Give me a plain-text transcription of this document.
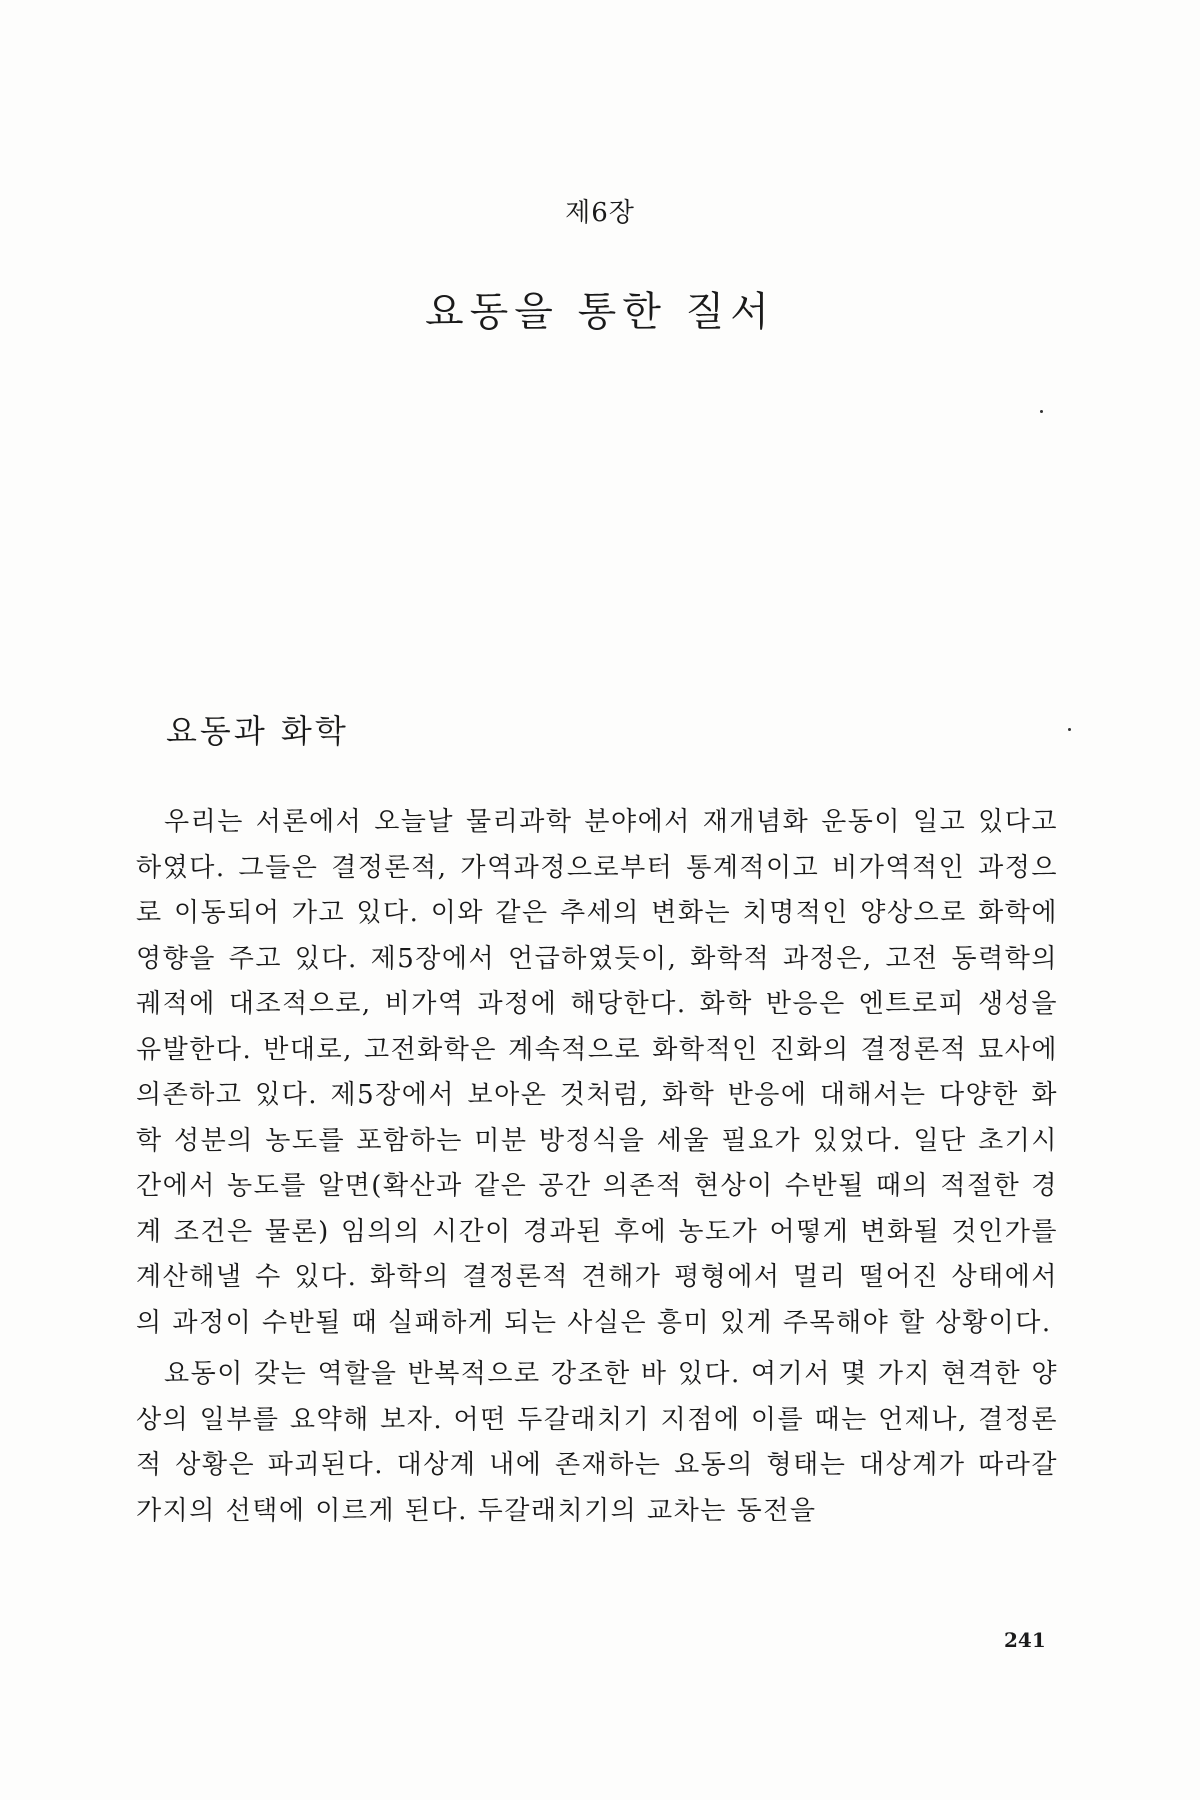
제6장
요동을 통한 질서
요동과 화학

우리는 서론에서 오늘날 물리과학 분야에서 재개념화 운동이 일고 있다고 하였다. 그들은 결정론적, 가역과정으로부터 통계적이고 비가역적인 과정으로 이동되어 가고 있다. 이와 같은 추세의 변화는 치명적인 양상으로 화학에 영향을 주고 있다. 제5장에서 언급하였듯이, 화학적 과정은, 고전 동력학의 궤적에 대조적으로, 비가역 과정에 해당한다. 화학 반응은 엔트로피 생성을 유발한다. 반대로, 고전화학은 계속적으로 화학적인 진화의 결정론적 묘사에 의존하고 있다. 제5장에서 보아온 것처럼, 화학 반응에 대해서는 다양한 화학 성분의 농도를 포함하는 미분 방정식을 세울 필요가 있었다. 일단 초기시간에서 농도를 알면(확산과 같은 공간 의존적 현상이 수반될 때의 적절한 경계 조건은 물론) 임의의 시간이 경과된 후에 농도가 어떻게 변화될 것인가를 계산해낼 수 있다. 화학의 결정론적 견해가 평형에서 멀리 떨어진 상태에서의 과정이 수반될 때 실패하게 되는 사실은 흥미 있게 주목해야 할 상황이다.

요동이 갖는 역할을 반복적으로 강조한 바 있다. 여기서 몇 가지 현격한 양상의 일부를 요약해 보자. 어떤 두갈래치기 지점에 이를 때는 언제나, 결정론적 상황은 파괴된다. 대상계 내에 존재하는 요동의 형태는 대상계가 따라갈 가지의 선택에 이르게 된다. 두갈래치기의 교차는 동전을

241
